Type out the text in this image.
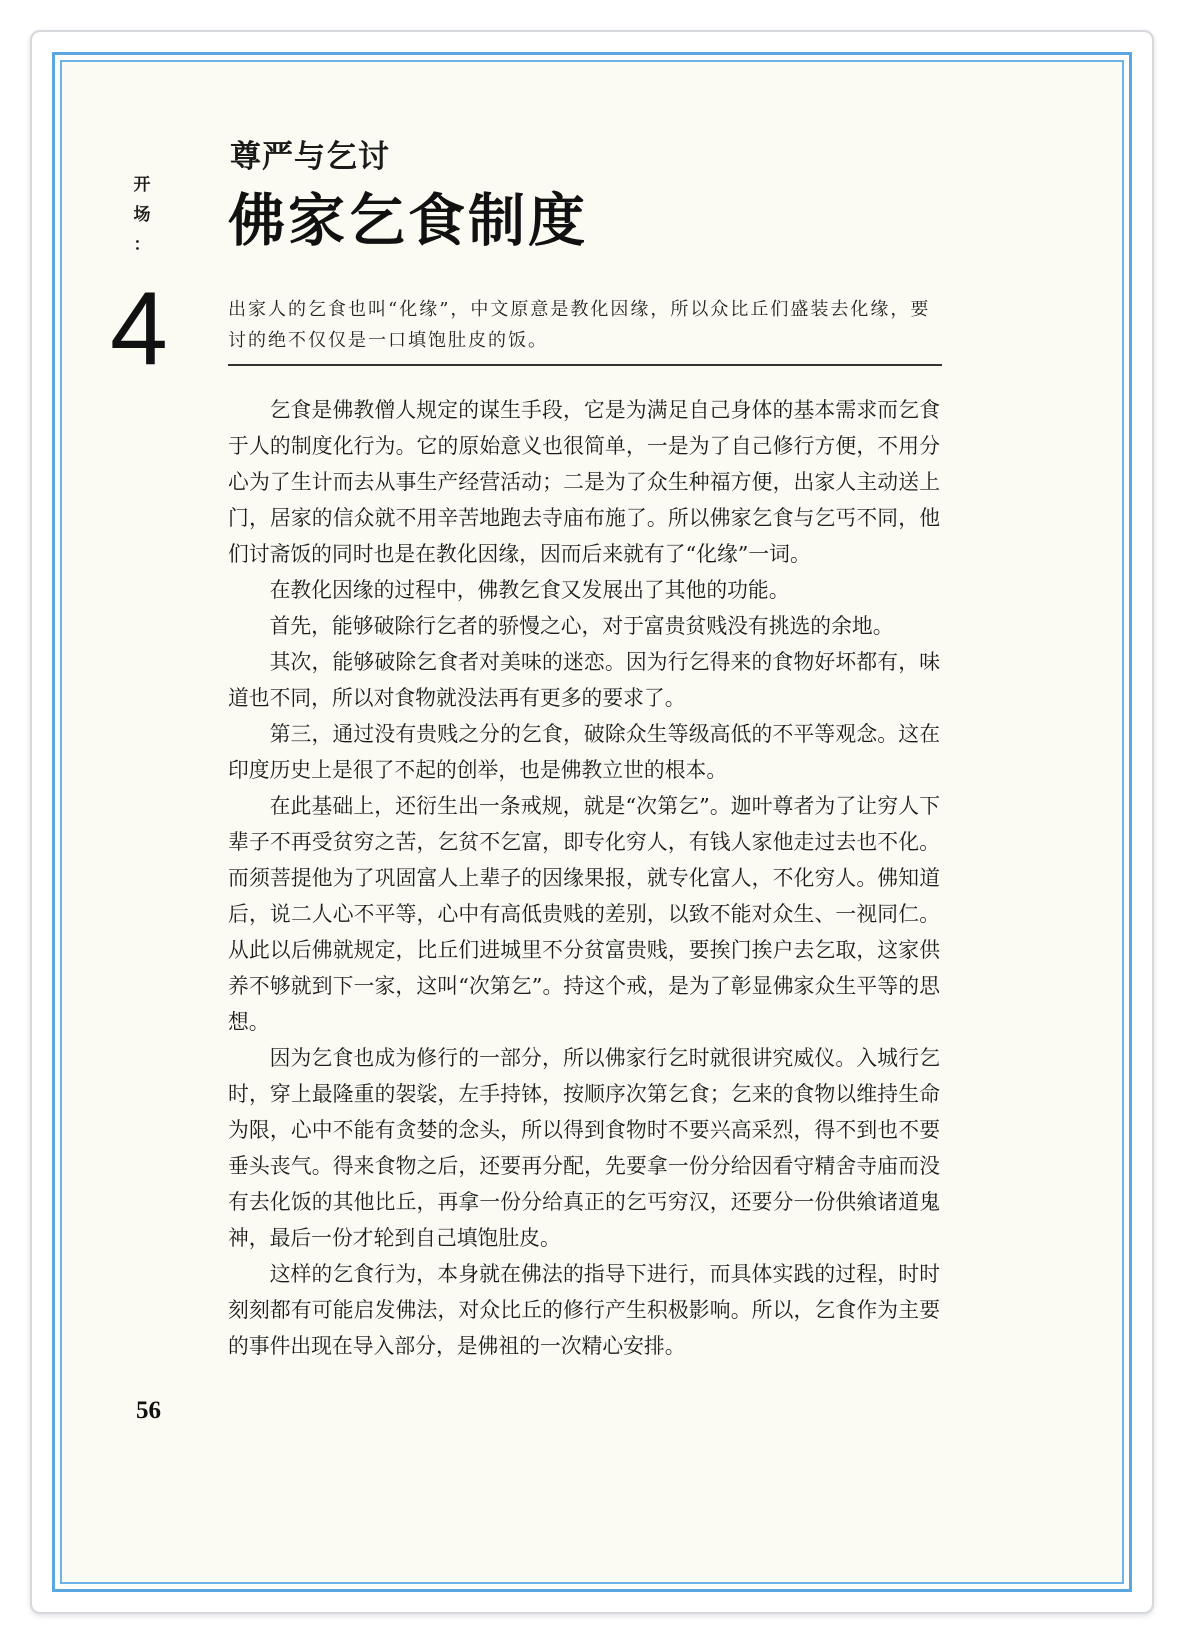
开
场
：
4
尊严与乞讨
佛家乞食制度
出家人的乞食也叫“化缘”，中文原意是教化因缘，所以众比丘们盛装去化缘，要讨的绝不仅仅是一口填饱肚皮的饭。

乞食是佛教僧人规定的谋生手段，它是为满足自己身体的基本需求而乞食于人的制度化行为。它的原始意义也很简单，一是为了自己修行方便，不用分心为了生计而去从事生产经营活动；二是为了众生种福方便，出家人主动送上门，居家的信众就不用辛苦地跑去寺庙布施了。所以佛家乞食与乞丐不同，他们讨斋饭的同时也是在教化因缘，因而后来就有了“化缘”一词。

在教化因缘的过程中，佛教乞食又发展出了其他的功能。

首先，能够破除行乞者的骄慢之心，对于富贵贫贱没有挑选的余地。

其次，能够破除乞食者对美味的迷恋。因为行乞得来的食物好坏都有，味道也不同，所以对食物就没法再有更多的要求了。

第三，通过没有贵贱之分的乞食，破除众生等级高低的不平等观念。这在印度历史上是很了不起的创举，也是佛教立世的根本。

在此基础上，还衍生出一条戒规，就是“次第乞”。迦叶尊者为了让穷人下辈子不再受贫穷之苦，乞贫不乞富，即专化穷人，有钱人家他走过去也不化。而须菩提他为了巩固富人上辈子的因缘果报，就专化富人，不化穷人。佛知道后，说二人心不平等，心中有高低贵贱的差别，以致不能对众生、一视同仁。从此以后佛就规定，比丘们进城里不分贫富贵贱，要挨门挨户去乞取，这家供养不够就到下一家，这叫“次第乞”。持这个戒，是为了彰显佛家众生平等的思想。

因为乞食也成为修行的一部分，所以佛家行乞时就很讲究威仪。入城行乞时，穿上最隆重的袈裟，左手持钵，按顺序次第乞食；乞来的食物以维持生命为限，心中不能有贪婪的念头，所以得到食物时不要兴高采烈，得不到也不要垂头丧气。得来食物之后，还要再分配，先要拿一份分给因看守精舍寺庙而没有去化饭的其他比丘，再拿一份分给真正的乞丐穷汉，还要分一份供飨诸道鬼神，最后一份才轮到自己填饱肚皮。

这样的乞食行为，本身就在佛法的指导下进行，而具体实践的过程，时时刻刻都有可能启发佛法，对众比丘的修行产生积极影响。所以，乞食作为主要的事件出现在导入部分，是佛祖的一次精心安排。

56
